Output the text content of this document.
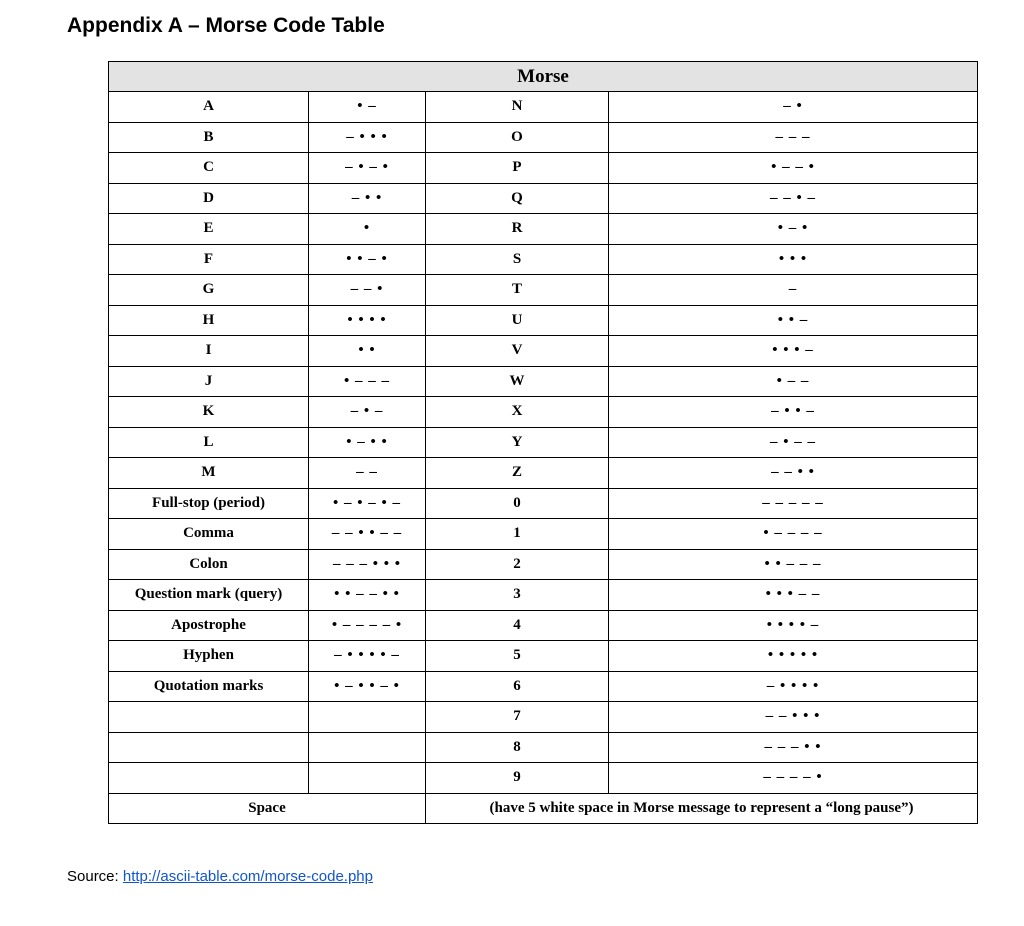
Appendix A – Morse Code Table
Morse			
A	• –	N	– •
B	– • • •	O	– – –
C	– • – •	P	• – – •
D	– • •	Q	– – • –
E	•	R	• – •
F	• • – •	S	• • •
G	– – •	T	–
H	• • • •	U	• • –
I	• •	V	• • • –
J	• – – –	W	• – –
K	– • –	X	– • • –
L	• – • •	Y	– • – –
M	– –	Z	– – • •
Full-stop (period)	• – • – • –	0	– – – – –
Comma	– – • • – –	1	• – – – –
Colon	– – – • • •	2	• • – – –
Question mark (query)	• • – – • •	3	• • • – –
Apostrophe	• – – – – •	4	• • • • –
Hyphen	– • • • • –	5	• • • • •
Quotation marks	• – • • – •	6	– • • • •
		7	– – • • •
		8	– – – • •
		9	– – – – •
Space		(have 5 white space in Morse message to represent a “long pause”)	
Source: http://ascii-table.com/morse-code.php
